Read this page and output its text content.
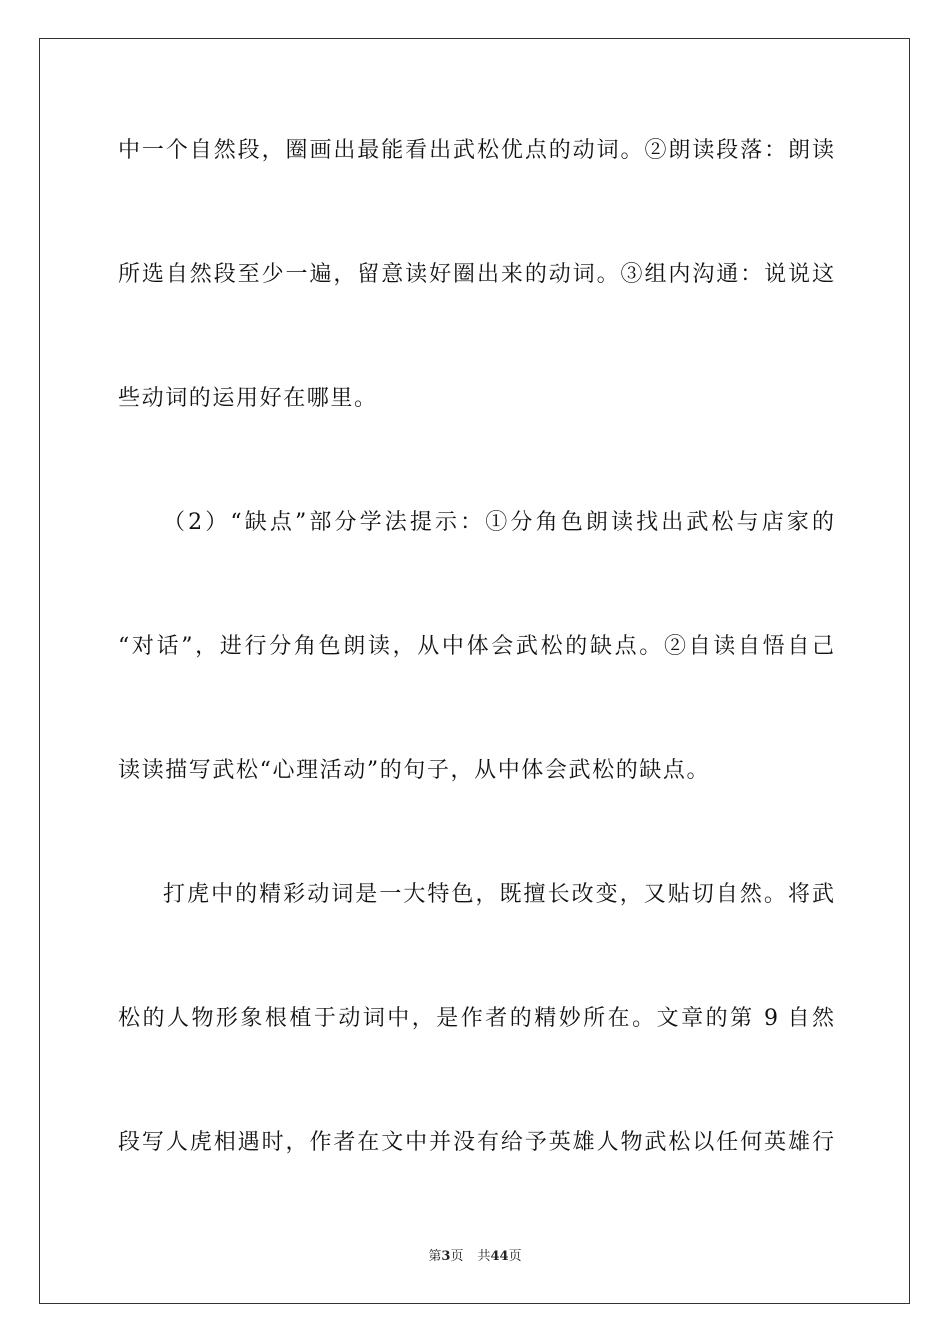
中一个自然段，圈画出最能看出武松优点的动词。②朗读段落：朗读
所选自然段至少一遍，留意读好圈出来的动词。③组内沟通：说说这
些动词的运用好在哪里。
（2）“缺点”部分学法提示：①分角色朗读找出武松与店家的
“对话”，进行分角色朗读，从中体会武松的缺点。②自读自悟自己
读读描写武松“心理活动”的句子，从中体会武松的缺点。
打虎中的精彩动词是一大特色，既擅长改变，又贴切自然。将武
松的人物形象根植于动词中，是作者的精妙所在。文章的第 9 自然
段写人虎相遇时，作者在文中并没有给予英雄人物武松以任何英雄行
第3页 共44页
